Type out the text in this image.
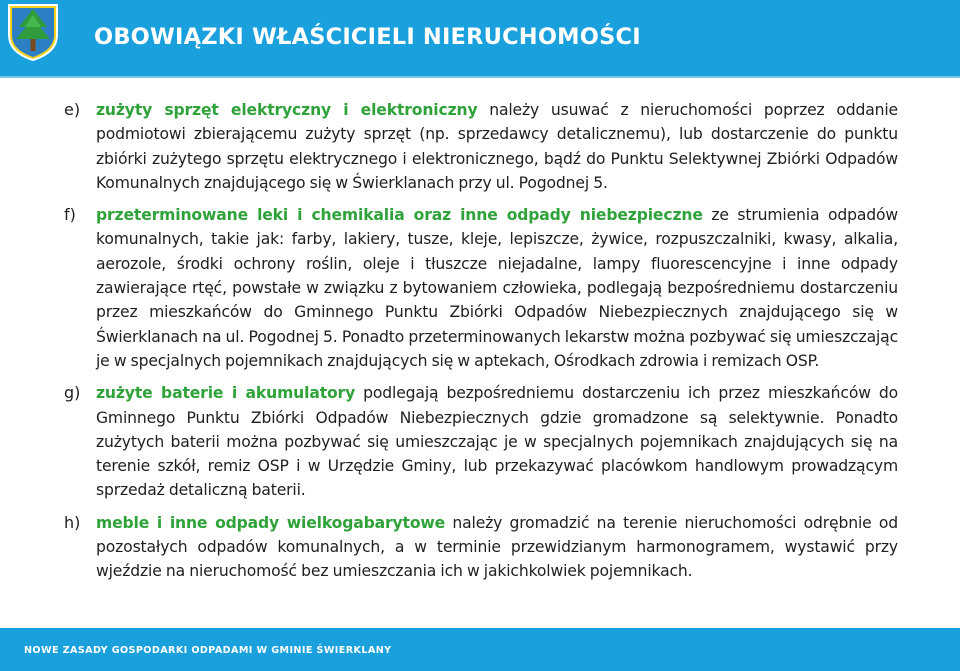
OBOWIĄZKI WŁAŚCICIELI NIERUCHOMOŚCI
e)	zużyty sprzęt elektryczny i elektroniczny należy usuwać z nieruchomości poprzez oddanie podmiotowi zbierającemu zużyty sprzęt (np. sprzedawcy detalicznemu), lub dostarczenie do punktu zbiórki zużytego sprzętu elektrycznego i elektronicznego, bądź do Punktu Selektywnej Zbiórki Odpadów Komunalnych znajdującego się w Świerklanach przy ul. Pogodnej 5.

f)	przeterminowane leki i chemikalia oraz inne odpady niebezpieczne ze strumienia odpadów komunalnych, takie jak: farby, lakiery, tusze, kleje, lepiszcze, żywice, rozpuszczalniki, kwasy, alkalia, aerozole, środki ochrony roślin, oleje i tłuszcze niejadalne, lampy fluorescencyjne i inne odpady zawierające rtęć, powstałe w związku z bytowaniem człowieka, podlegają bezpośredniemu dostarczeniu przez mieszkańców do Gminnego Punktu Zbiórki Odpadów Niebezpiecznych znajdującego się w Świerklanach na ul. Pogodnej 5. Ponadto przeterminowanych lekarstw można pozbywać się umieszczając je w specjalnych pojemnikach znajdujących się w aptekach, Ośrodkach zdrowia i remizach OSP.

g) zużyte baterie i akumulatory podlegają bezpośredniemu dostarczeniu ich przez mieszkańców do Gminnego Punktu Zbiórki Odpadów Niebezpiecznych gdzie gromadzone są selektywnie. Ponadto zużytych baterii można pozbywać się umieszczając je w specjalnych pojemnikach znajdujących się na terenie szkół, remiz OSP i w Urzędzie Gminy, lub przekazywać placówkom handlowym prowadzącym sprzedaż detaliczną baterii.

h)	meble i inne odpady wielkogabarytowe należy gromadzić na terenie nieruchomości odrębnie od pozostałych odpadów komunalnych, a w terminie przewidzianym harmonogramem, wystawić przy wjeździe na nieruchomość bez umieszczania ich w jakichkolwiek pojemnikach.

NOWE ZASADY GOSPODARKI ODPADAMI W GMINIE ŚWIERKLANY
